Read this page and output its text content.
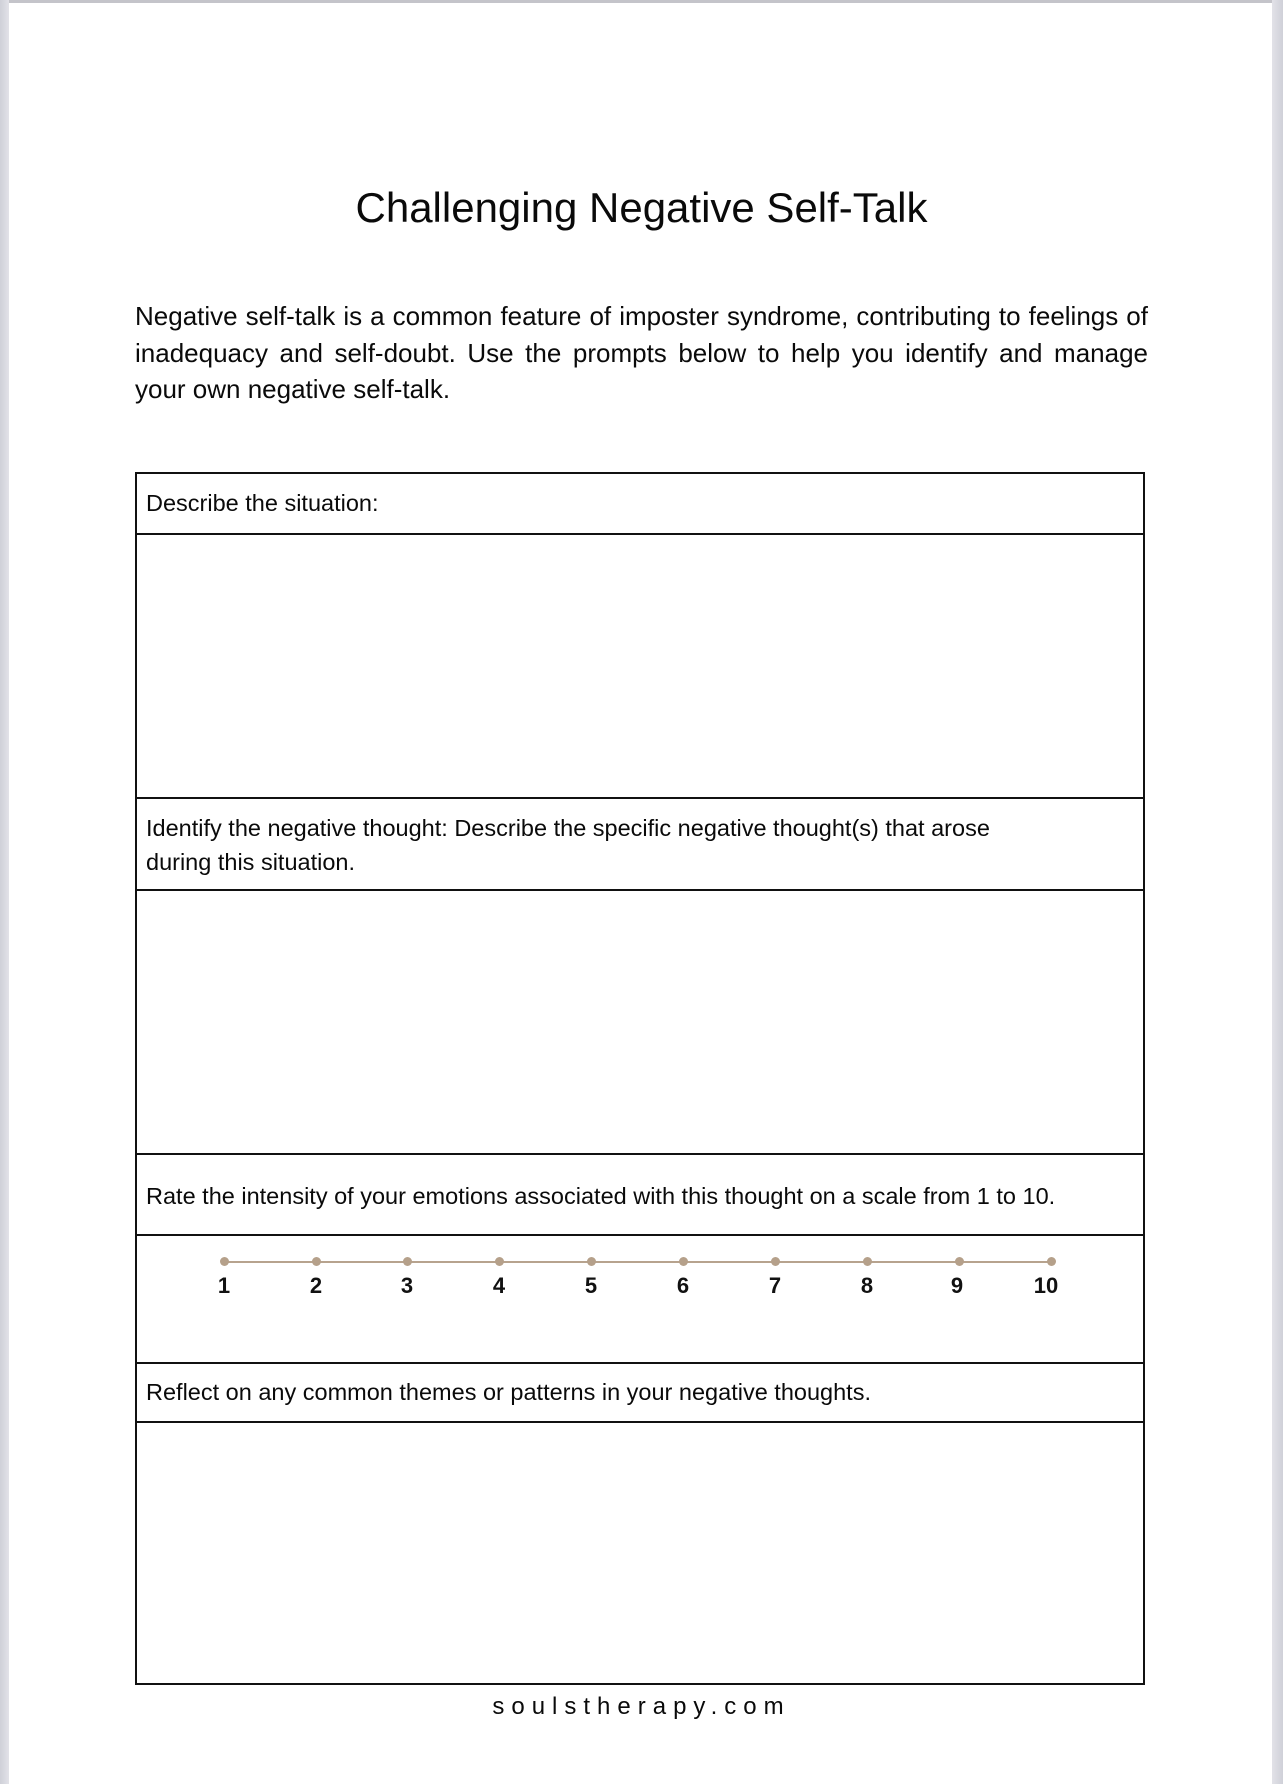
Challenging Negative Self-Talk

Negative self-talk is a common feature of imposter syndrome, contributing to feelings of inadequacy and self-doubt. Use the prompts below to help you identify and manage your own negative self-talk.

Describe the situation:
Identify the negative thought: Describe the specific negative thought(s) that arose
during this situation.
Rate the intensity of your emotions associated with this thought on a scale from 1 to 10.
1	2	3	4	5	6	7	8	9	10
Reflect on any common themes or patterns in your negative thoughts.
soulstherapy.com
